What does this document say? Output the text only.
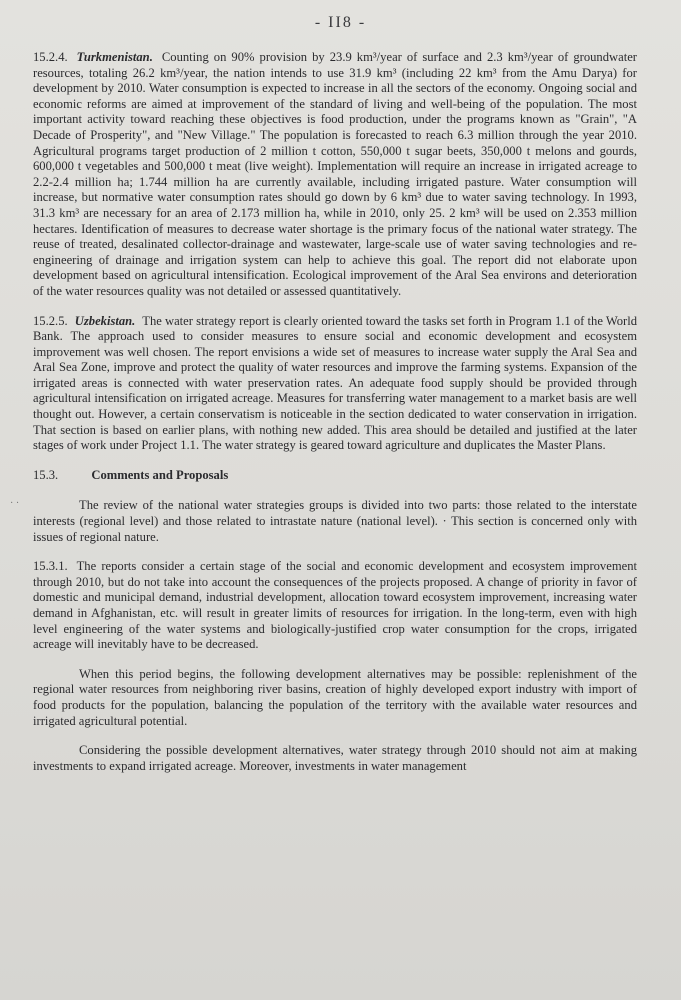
- II8 -
· ·

15.2.4. Turkmenistan. Counting on 90% provision by 23.9 km³/year of surface and 2.3 km³/year of groundwater resources, totaling 26.2 km³/year, the nation intends to use 31.9 km³ (including 22 km³ from the Amu Darya) for development by 2010. Water consumption is expected to increase in all the sectors of the economy. Ongoing social and economic reforms are aimed at improvement of the standard of living and well-being of the population. The most important activity toward reaching these objectives is food production, under the programs known as "Grain", "A Decade of Prosperity", and "New Village." The population is forecasted to reach 6.3 million through the year 2010. Agricultural programs target production of 2 million t cotton, 550,000 t sugar beets, 350,000 t melons and gourds, 600,000 t vegetables and 500,000 t meat (live weight). Implementation will require an increase in irrigated acreage to 2.2-2.4 million ha; 1.744 million ha are currently available, including irrigated pasture. Water consumption will increase, but normative water consumption rates should go down by 6 km³ due to water saving technology. In 1993, 31.3 km³ are necessary for an area of 2.173 million ha, while in 2010, only 25. 2 km³ will be used on 2.353 million hectares. Identification of measures to decrease water shortage is the primary focus of the national water strategy. The reuse of treated, desalinated collector-drainage and wastewater, large-scale use of water saving technologies and re-engineering of drainage and irrigation system can help to achieve this goal. The report did not elaborate upon development based on agricultural intensification. Ecological improvement of the Aral Sea environs and deterioration of the water resources quality was not detailed or assessed quantitatively.

15.2.5. Uzbekistan. The water strategy report is clearly oriented toward the tasks set forth in Program 1.1 of the World Bank. The approach used to consider measures to ensure social and economic development and ecosystem improvement was well chosen. The report envisions a wide set of measures to increase water supply the Aral Sea and Aral Sea Zone, improve and protect the quality of water resources and improve the farming systems. Expansion of the irrigated areas is connected with water preservation rates. An adequate food supply should be provided through agricultural intensification on irrigated acreage. Measures for transferring water management to a market basis are well thought out. However, a certain conservatism is noticeable in the section dedicated to water conservation in irrigation. That section is based on earlier plans, with nothing new added. This area should be detailed and justified at the later stages of work under Project 1.1. The water strategy is geared toward agriculture and duplicates the Master Plans.

15.3.	Comments and Proposals

The review of the national water strategies groups is divided into two parts: those related to the interstate interests (regional level) and those related to intrastate nature (national level). · This section is concerned only with issues of regional nature.

15.3.1. The reports consider a certain stage of the social and economic development and ecosystem improvement through 2010, but do not take into account the consequences of the projects proposed. A change of priority in favor of domestic and municipal demand, industrial development, allocation toward ecosystem improvement, increasing water demand in Afghanistan, etc. will result in greater limits of resources for irrigation. In the long-term, even with high level engineering of the water systems and biologically-justified crop water consumption for the crops, irrigated acreage will inevitably have to be decreased.

When this period begins, the following development alternatives may be possible: replenishment of the regional water resources from neighboring river basins, creation of highly developed export industry with import of food products for the population, balancing the population of the territory with the available water resources and irrigated agricultural potential.

Considering the possible development alternatives, water strategy through 2010 should not aim at making investments to expand irrigated acreage. Moreover, investments in water management
